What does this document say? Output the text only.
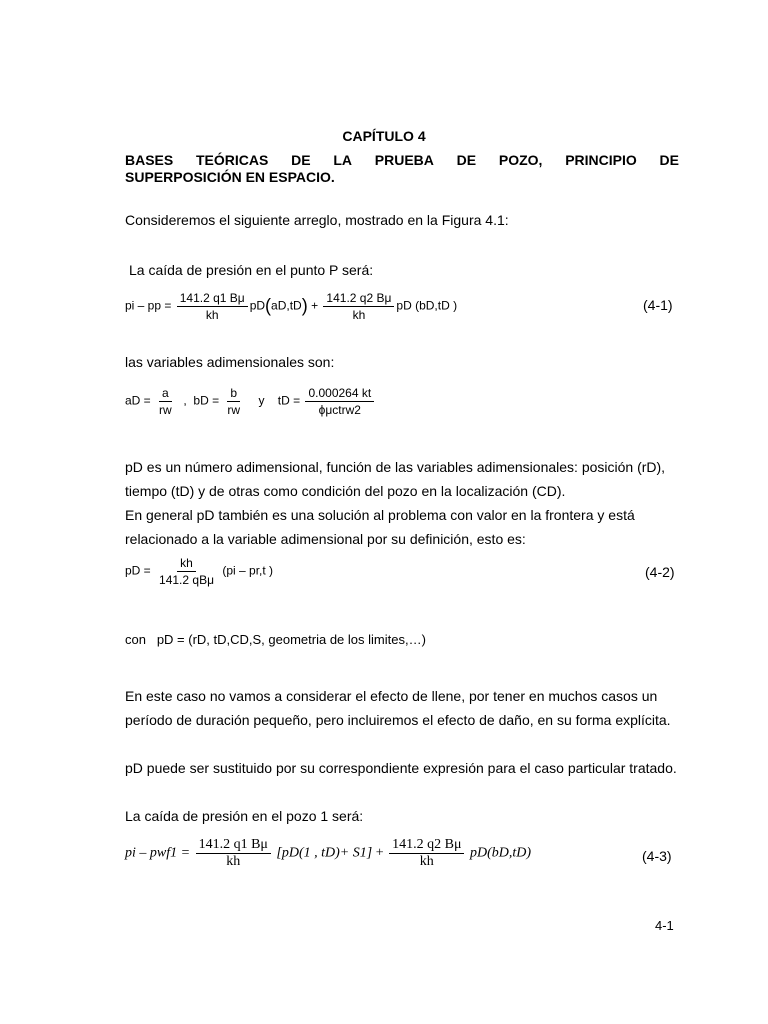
CAPÍTULO 4
BASES TEÓRICAS DE LA PRUEBA DE POZO, PRINCIPIO DE
SUPERPOSICIÓN EN ESPACIO.
Consideremos el siguiente arreglo, mostrado en la Figura 4.1:
La caída de presión en el punto P será:
pi – pp = $\frac{141.2 q1 B\mu}{kh} pD(aD,tD) + \frac{141.2 q2 B\mu}{kh}$ pD (bD,tD )	(4-1)
las variables adimensionales son:
aD = $\frac{a}{rw}$ , bD = $\frac{b}{rw}$ y tD = $\frac{0.000264 kt}{\text{ϕμctrw2}}$
pD es un número adimensional, función de las variables adimensionales: posición (rD), tiempo (tD) y de otras como condición del pozo en la localización (CD).
En general pD también es una solución al problema con valor en la frontera y está relacionado a la variable adimensional por su definición, esto es:
pD = $\frac{kh}{\text{141.2 qBμ}} (pi - pr,t$ )	(4-2)
con pD = (rD, tD,CD,S, geometria de los limites,…)
En este caso no vamos a considerar el efecto de llene, por tener en muchos casos un período de duración pequeño, pero incluiremos el efecto de daño, en su forma explícita.
pD puede ser sustituido por su correspondiente expresión para el caso particular tratado.
La caída de presión en el pozo 1 será:
pi – $pwf1 = \frac{141.2 q1 B\mu}{kh} [pD(1$ , $tD)+ S1] + \frac{141.2 q2 B\mu}{kh} pD(bD,tD)$	(4-3)
4-1
